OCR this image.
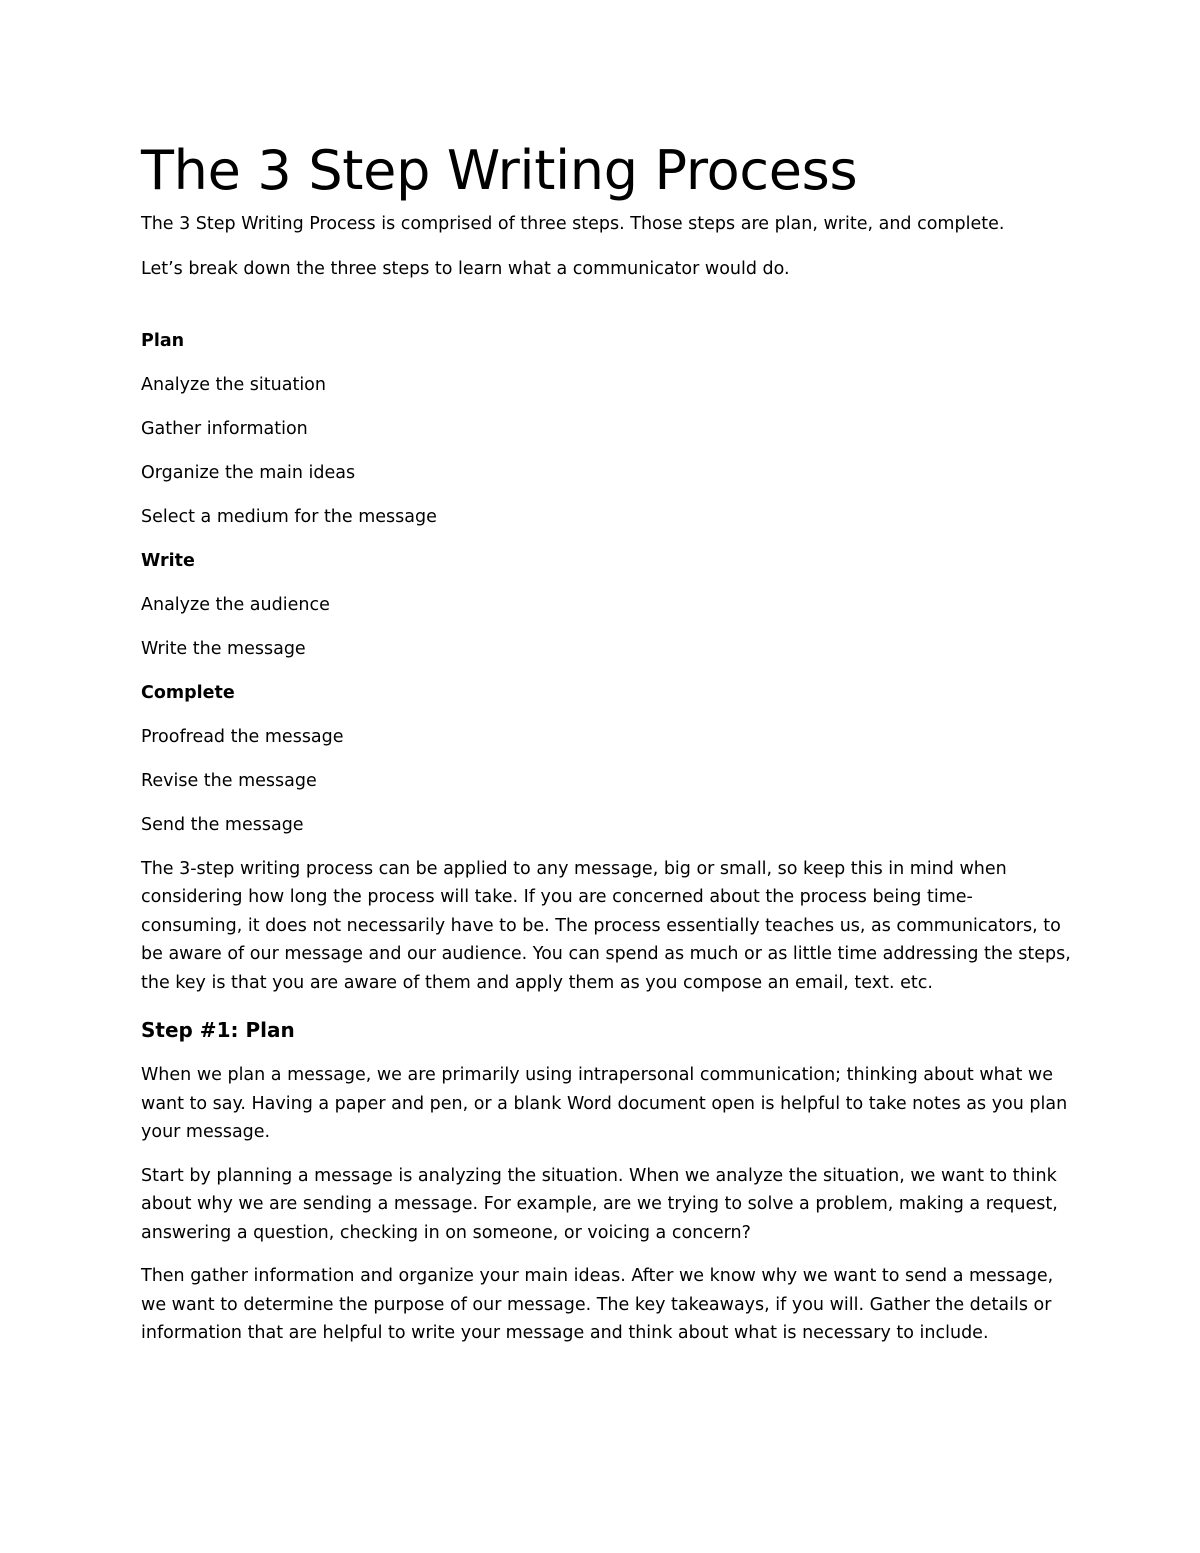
The 3 Step Writing Process

The 3 Step Writing Process is comprised of three steps. Those steps are plan, write, and complete.

Let’s break down the three steps to learn what a communicator would do.

Plan

Analyze the situation

Gather information

Organize the main ideas

Select a medium for the message

Write

Analyze the audience

Write the message

Complete

Proofread the message

Revise the message

Send the message

The 3-step writing process can be applied to any message, big or small, so keep this in mind when considering how long the process will take. If you are concerned about the process being time-consuming, it does not necessarily have to be. The process essentially teaches us, as communicators, to be aware of our message and our audience. You can spend as much or as little time addressing the steps, the key is that you are aware of them and apply them as you compose an email, text. etc.

Step #1: Plan

When we plan a message, we are primarily using intrapersonal communication; thinking about what we want to say. Having a paper and pen, or a blank Word document open is helpful to take notes as you plan your message.

Start by planning a message is analyzing the situation. When we analyze the situation, we want to think about why we are sending a message. For example, are we trying to solve a problem, making a request, answering a question, checking in on someone, or voicing a concern?

Then gather information and organize your main ideas. After we know why we want to send a message, we want to determine the purpose of our message. The key takeaways, if you will. Gather the details or information that are helpful to write your message and think about what is necessary to include.
